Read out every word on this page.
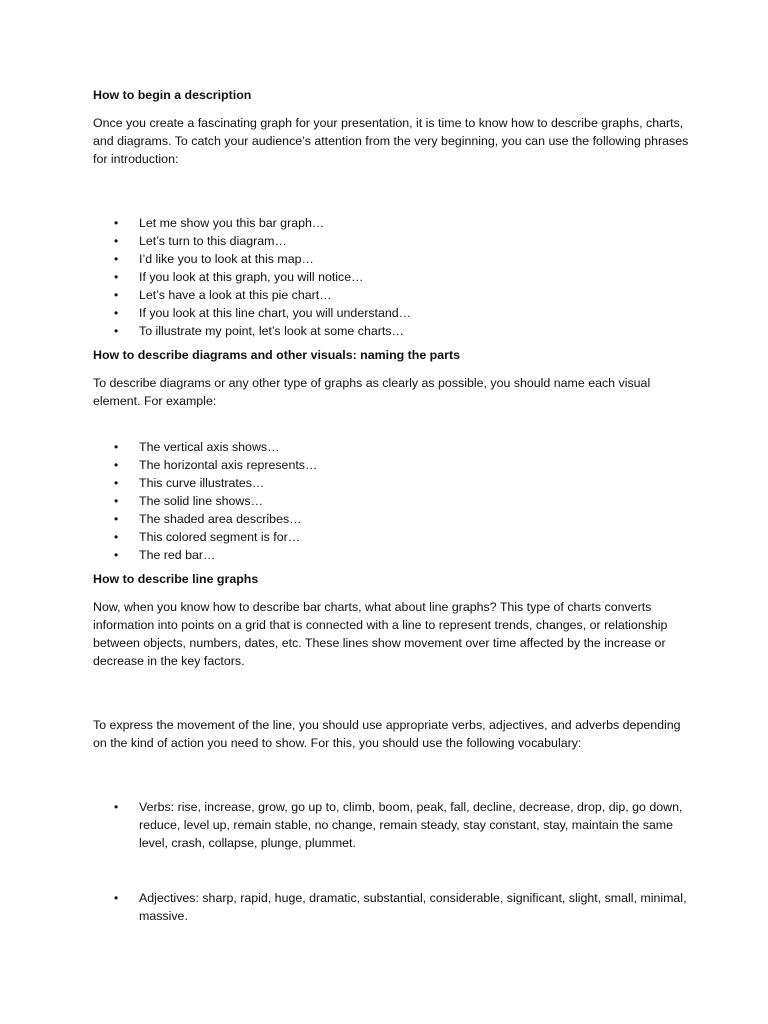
How to begin a description

Once you create a fascinating graph for your presentation, it is time to know how to describe graphs, charts, and diagrams. To catch your audience’s attention from the very beginning, you can use the following phrases for introduction:

• Let me show you this bar graph…
• Let’s turn to this diagram…
• I’d like you to look at this map…
• If you look at this graph, you will notice…
• Let’s have a look at this pie chart…
• If you look at this line chart, you will understand…
• To illustrate my point, let’s look at some charts…
How to describe diagrams and other visuals: naming the parts

To describe diagrams or any other type of graphs as clearly as possible, you should name each visual element. For example:

• The vertical axis shows…
• The horizontal axis represents…
• This curve illustrates…
• The solid line shows…
• The shaded area describes…
• This colored segment is for…
• The red bar…
How to describe line graphs

Now, when you know how to describe bar charts, what about line graphs? This type of charts converts information into points on a grid that is connected with a line to represent trends, changes, or relationship between objects, numbers, dates, etc. These lines show movement over time affected by the increase or decrease in the key factors.

To express the movement of the line, you should use appropriate verbs, adjectives, and adverbs depending on the kind of action you need to show. For this, you should use the following vocabulary:

• Verbs: rise, increase, grow, go up to, climb, boom, peak, fall, decline, decrease, drop, dip, go down, reduce, level up, remain stable, no change, remain steady, stay constant, stay, maintain the same level, crash, collapse, plunge, plummet.
• Adjectives: sharp, rapid, huge, dramatic, substantial, considerable, significant, slight, small, minimal, massive.
